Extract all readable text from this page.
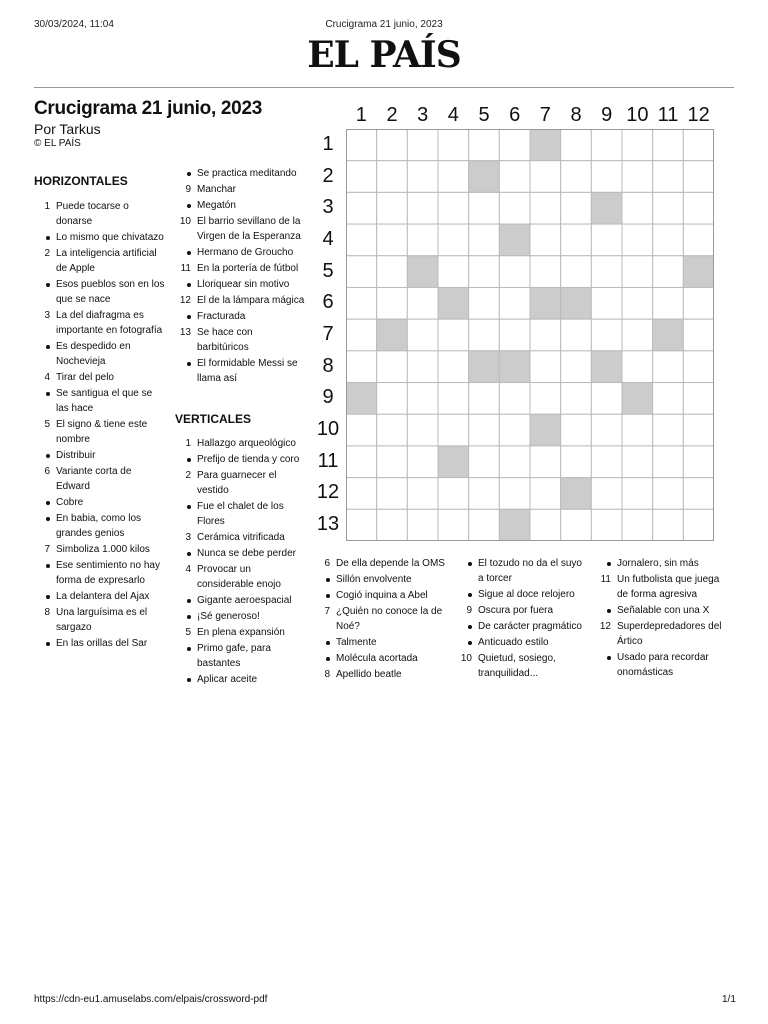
30/03/2024, 11:04	Crucigrama 21 junio, 2023
EL PAÍS
Crucigrama 21 junio, 2023
Por Tarkus
© EL PAÍS
HORIZONTALES
VERTICALES
1 Puede tocarse o donarse
Lo mismo que chivatazo
2 La inteligencia artificial de Apple
Esos pueblos son en los que se nace
3 La del diafragma es importante en fotografía
Es despedido en Nochevieja
4 Tirar del pelo
Se santigua el que se las hace
5 El signo & tiene este nombre
Distribuir
6 Variante corta de Edward
Cobre
En babia, como los grandes genios
7 Simboliza 1.000 kilos
Ese sentimiento no hay forma de expresarlo
La delantera del Ajax
8 Una larguísima es el sargazo
En las orillas del Sar
Se practica meditando
9 Manchar
Megatón
10 El barrio sevillano de la Virgen de la Esperanza
Hermano de Groucho
11 En la portería de fútbol
Lloriquear sin motivo
12 El de la lámpara mágica
Fracturada
13 Se hace con barbitúricos
El formidable Messi se llama así
1 Hallazgo arqueológico
Prefijo de tienda y coro
2 Para guarnecer el vestido
Fue el chalet de los Flores
3 Cerámica vitrificada
Nunca se debe perder
4 Provocar un considerable enojo
Gigante aeroespacial
¡Sé generoso!
5 En plena expansión
Primo gafe, para bastantes
Aplicar aceite
6 De ella depende la OMS
Sillón envolvente
Cogió inquina a Abel
7 ¿Quién no conoce la de Noé?
Talmente
Molécula acortada
8 Apellido beatle
El tozudo no da el suyo a torcer
Sigue al doce relojero
9 Oscura por fuera
De carácter pragmático
Anticuado estilo
10 Quietud, sosiego, tranquilidad...
Jornalero, sin más
11 Un futbolista que juega de forma agresiva
Señalable con una X
12 Superdepredadores del Ártico
Usado para recordar onomásticas
1 2 3 4 5 6 7 8 9 10 11 12
1
2
3
4
5
6
7
8
9
10
11
12
13
https://cdn-eu1.amuselabs.com/elpais/crossword-pdf	1/1
